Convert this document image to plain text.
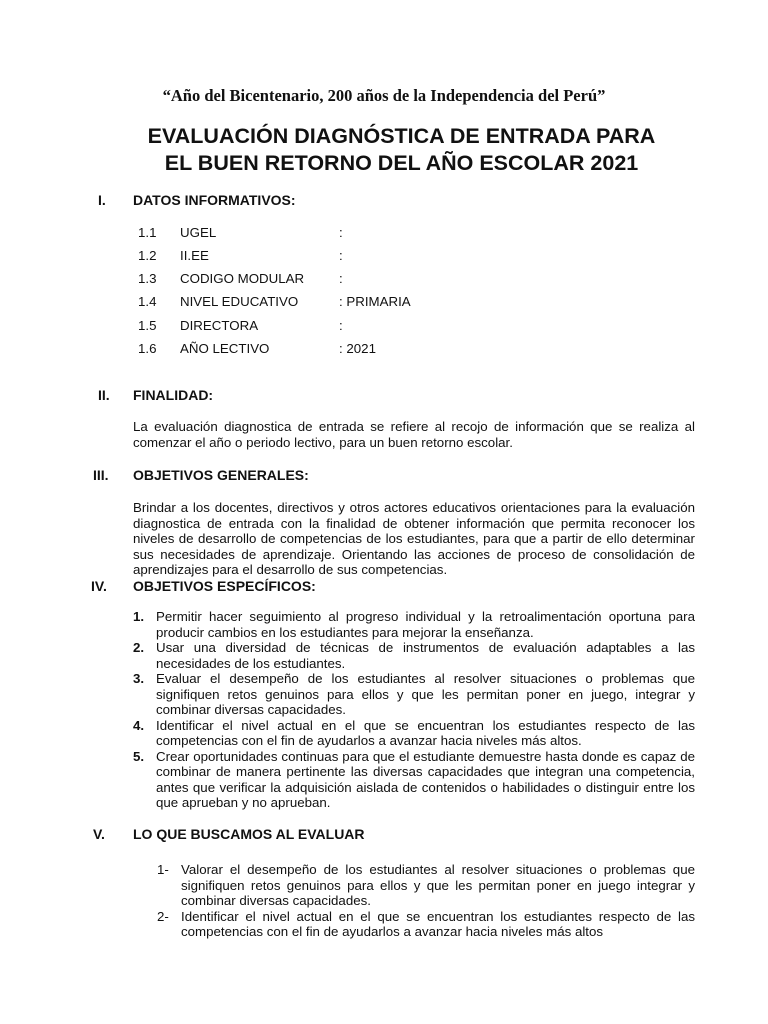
“Año del Bicentenario, 200 años de la Independencia del Perú”
EVALUACIÓN DIAGNÓSTICA DE ENTRADA PARA
EL BUEN RETORNO DEL AÑO ESCOLAR 2021
I. DATOS INFORMATIVOS:
1.1 UGEL	:
1.2 II.EE	:
1.3 CODIGO MODULAR	:
1.4 NIVEL EDUCATIVO	: PRIMARIA
1.5 DIRECTORA	:
1.6 AÑO LECTIVO	: 2021
II. FINALIDAD:

La evaluación diagnostica de entrada se refiere al recojo de información que se realiza al comenzar el año o periodo lectivo, para un buen retorno escolar.

III. OBJETIVOS GENERALES:

Brindar a los docentes, directivos y otros actores educativos orientaciones para la evaluación diagnostica de entrada con la finalidad de obtener información que permita reconocer los niveles de desarrollo de competencias de los estudiantes, para que a partir de ello determinar sus necesidades de aprendizaje. Orientando las acciones de proceso de consolidación de aprendizajes para el desarrollo de sus competencias.

IV. OBJETIVOS ESPECÍFICOS:
1. Permitir hacer seguimiento al progreso individual y la retroalimentación oportuna para producir cambios en los estudiantes para mejorar la enseñanza.
2. Usar una diversidad de técnicas de instrumentos de evaluación adaptables a las necesidades de los estudiantes.
3. Evaluar el desempeño de los estudiantes al resolver situaciones o problemas que signifiquen retos genuinos para ellos y que les permitan poner en juego, integrar y combinar diversas capacidades.
4. Identificar el nivel actual en el que se encuentran los estudiantes respecto de las competencias con el fin de ayudarlos a avanzar hacia niveles más altos.
5. Crear oportunidades continuas para que el estudiante demuestre hasta donde es capaz de combinar de manera pertinente las diversas capacidades que integran una competencia, antes que verificar la adquisición aislada de contenidos o habilidades o distinguir entre los que aprueban y no aprueban.
V. LO QUE BUSCAMOS AL EVALUAR
1- Valorar el desempeño de los estudiantes al resolver situaciones o problemas que signifiquen retos genuinos para ellos y que les permitan poner en juego integrar y combinar diversas capacidades.
2- Identificar el nivel actual en el que se encuentran los estudiantes respecto de las competencias con el fin de ayudarlos a avanzar hacia niveles más altos
